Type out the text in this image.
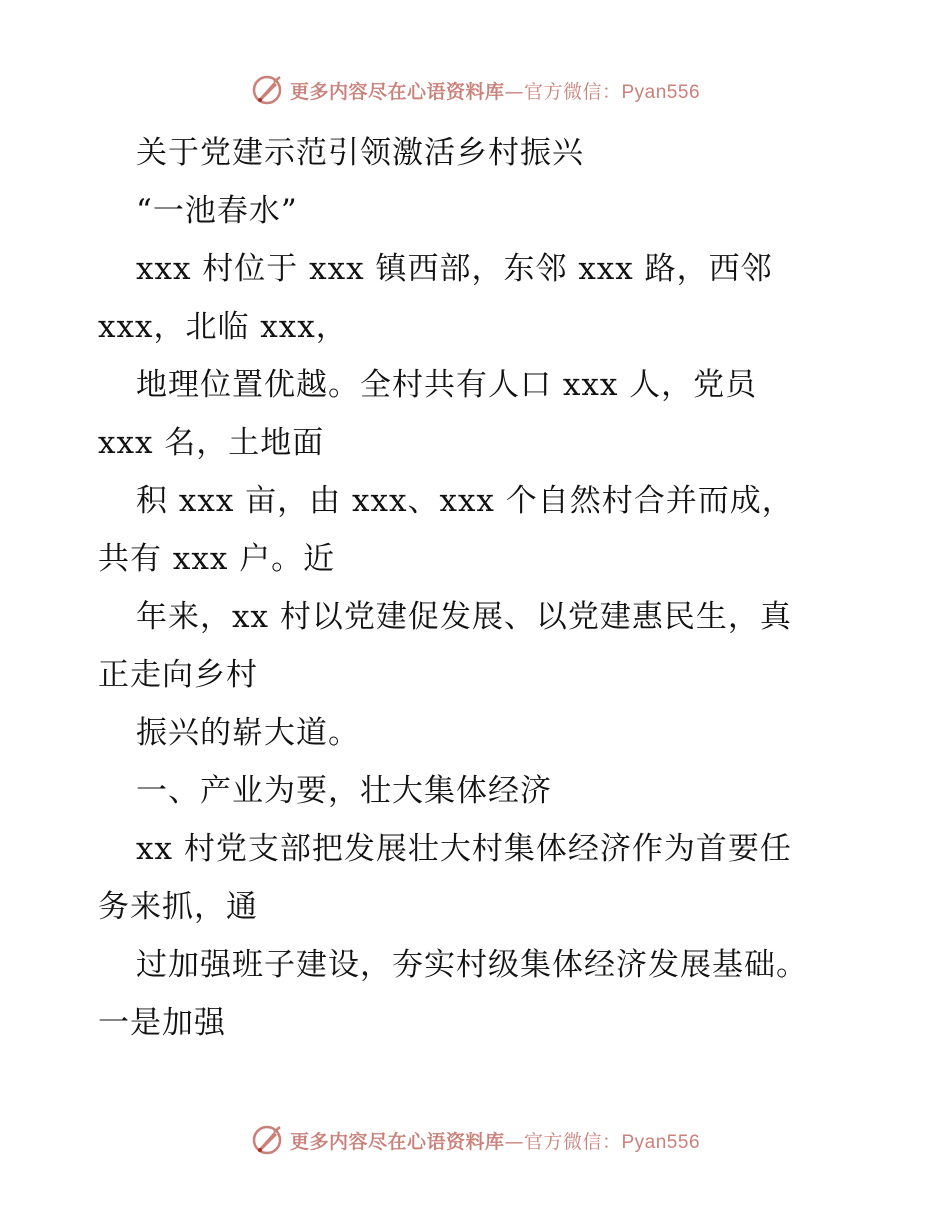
更多内容尽在心语资料库—官方微信：Pyan556
关于党建示范引领激活乡村振兴
“一池春水”
xxx 村位于 xxx 镇西部，东邻 xxx 路，西邻
xxx，北临 xxx，
地理位置优越。全村共有人口 xxx 人，党员
xxx 名，土地面
积 xxx 亩，由 xxx、xxx 个自然村合并而成，
共有 xxx 户。近
年来，xx 村以党建促发展、以党建惠民生，真
正走向乡村
振兴的崭大道。
一、产业为要，壮大集体经济
xx 村党支部把发展壮大村集体经济作为首要任
务来抓，通
过加强班子建设，夯实村级集体经济发展基础。
一是加强
更多内容尽在心语资料库—官方微信：Pyan556
